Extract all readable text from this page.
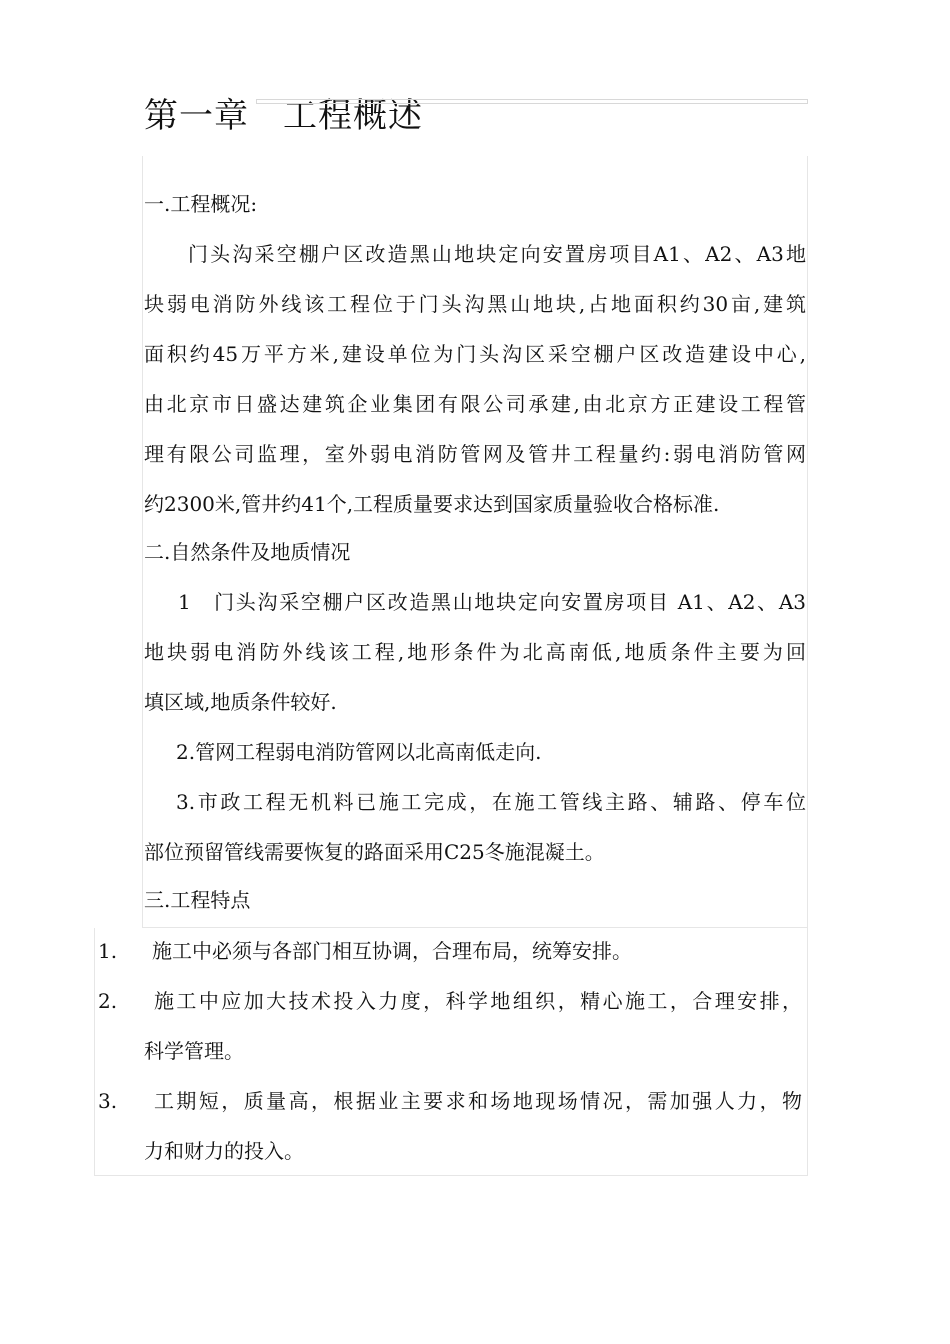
第一章 工程概述
一.工程概况:
门头沟采空棚户区改造黑山地块定向安置房项目A1、A2、A3地
块弱电消防外线该工程位于门头沟黑山地块,占地面积约30亩,建筑
面积约45万平方米,建设单位为门头沟区采空棚户区改造建设中心,
由北京市日盛达建筑企业集团有限公司承建,由北京方正建设工程管
理有限公司监理，室外弱电消防管网及管井工程量约:弱电消防管网
约2300米,管井约41个,工程质量要求达到国家质量验收合格标准.
二.自然条件及地质情况
1　门头沟采空棚户区改造黑山地块定向安置房项目 A1、A2、A3
地块弱电消防外线该工程,地形条件为北高南低,地质条件主要为回
填区域,地质条件较好.
2.管网工程弱电消防管网以北高南低走向.
3.市政工程无机料已施工完成，在施工管线主路、辅路、停车位
部位预留管线需要恢复的路面采用C25冬施混凝土。
三.工程特点
1. 施工中必须与各部门相互协调，合理布局，统筹安排。
2. 施工中应加大技术投入力度，科学地组织，精心施工，合理安排，
科学管理。
3. 工期短，质量高，根据业主要求和场地现场情况，需加强人力，物
力和财力的投入。
